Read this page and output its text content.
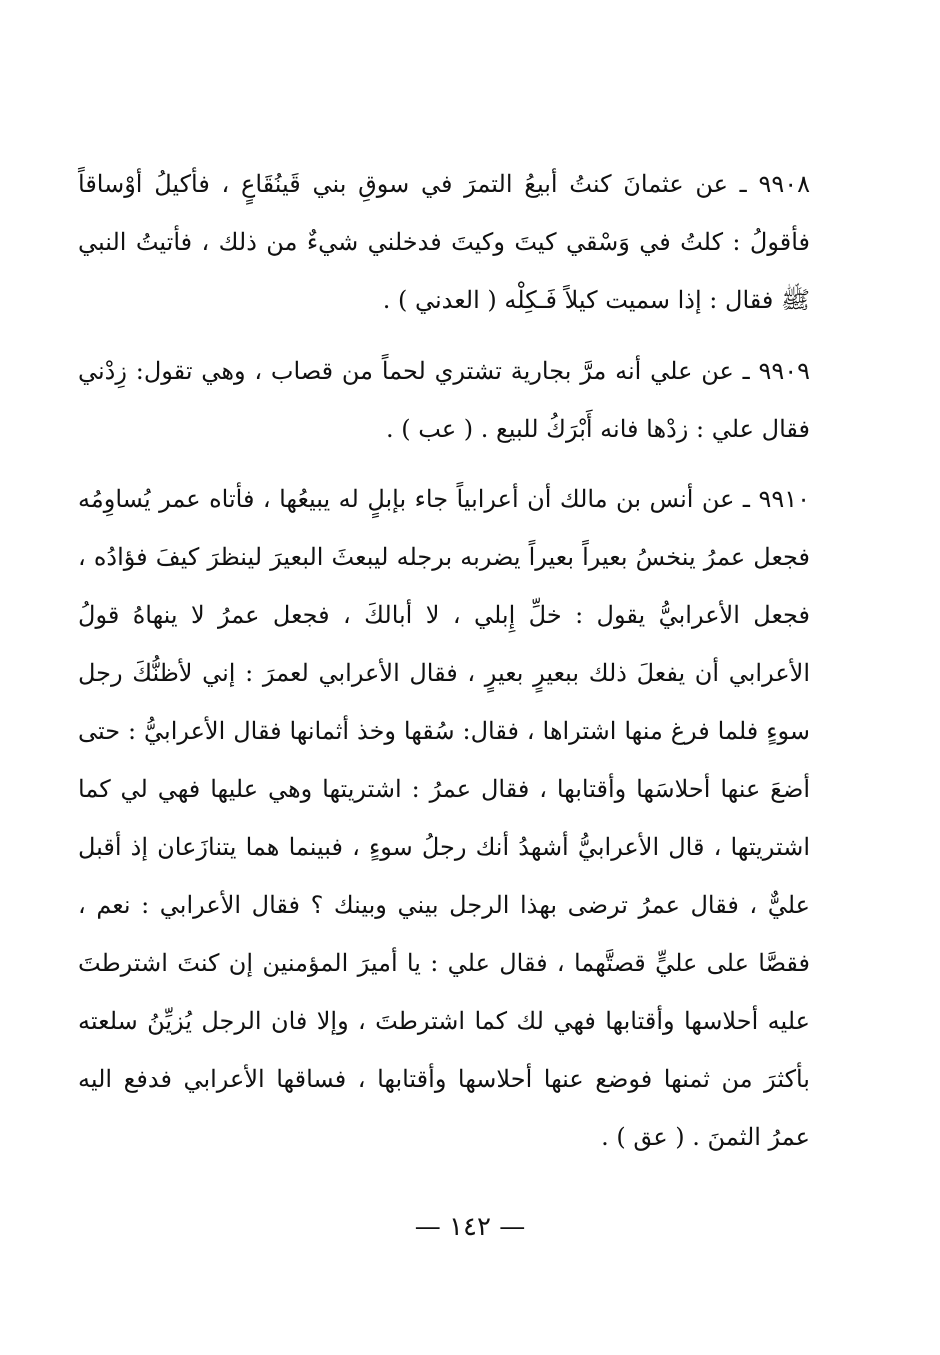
٩٩٠٨ ـ عن عثمانَ كنتُ أبيعُ التمرَ في سوقِ بني قَينُقَاعٍ ، فأكيلُ أوْساقاً فأقولُ : كلتُ في وَسْقي كيتَ وكيتَ فدخلني شيءٌ من ذلك ، فأتيتُ النبي ﷺ فقال : إذا سميت كيلاً فَـكِلْه ( العدني ) .

٩٩٠٩ ـ عن علي أنه مرَّ بجارية تشتري لحماً من قصاب ، وهي تقول: زِدْني فقال علي : زدْها فانه أَبْرَكُ للبيع . ( عب ) .

٩٩١٠ ـ عن أنس بن مالك أن أعرابياً جاء بإبلٍ له يبيعُها ، فأتاه عمر يُساوِمُه فجعل عمرُ ينخسُ بعيراً بعيراً يضربه برجله ليبعثَ البعيرَ لينظرَ كيفَ فؤادُه ، فجعل الأعرابيُّ يقول : خلِّ إِبلي ، لا أبالكَ ، فجعل عمرُ لا ينهاهُ قولُ الأعرابي أن يفعلَ ذلك ببعيرٍ بعيرٍ ، فقال الأعرابي لعمرَ : إني لأظنُّكَ رجل سوءٍ فلما فرغ منها اشتراها ، فقال: سُقها وخذ أثمانها فقال الأعرابيُّ : حتى أضعَ عنها أحلاسَها وأقتابها ، فقال عمرُ : اشتريتها وهي عليها فهي لي كما اشتريتها ، قال الأعرابيُّ أشهدُ أنك رجلُ سوءٍ ، فبينما هما يتنازَعان إذ أقبل عليٌّ ، فقال عمرُ ترضى بهذا الرجل بيني وبينك ؟ فقال الأعرابي : نعم ، فقصَّا على عليٍّ قصتَّهما ، فقال علي : يا أميرَ المؤمنين إن كنتَ اشترطتَ عليه أحلاسها وأقتابها فهي لك كما اشترطتَ ، وإلا فان الرجل يُزيِّنُ سلعته بأكثرَ من ثمنها فوضع عنها أحلاسها وأقتابها ، فساقها الأعرابي فدفع اليه عمرُ الثمنَ . ( عق ) .

— ١٤٢ —
